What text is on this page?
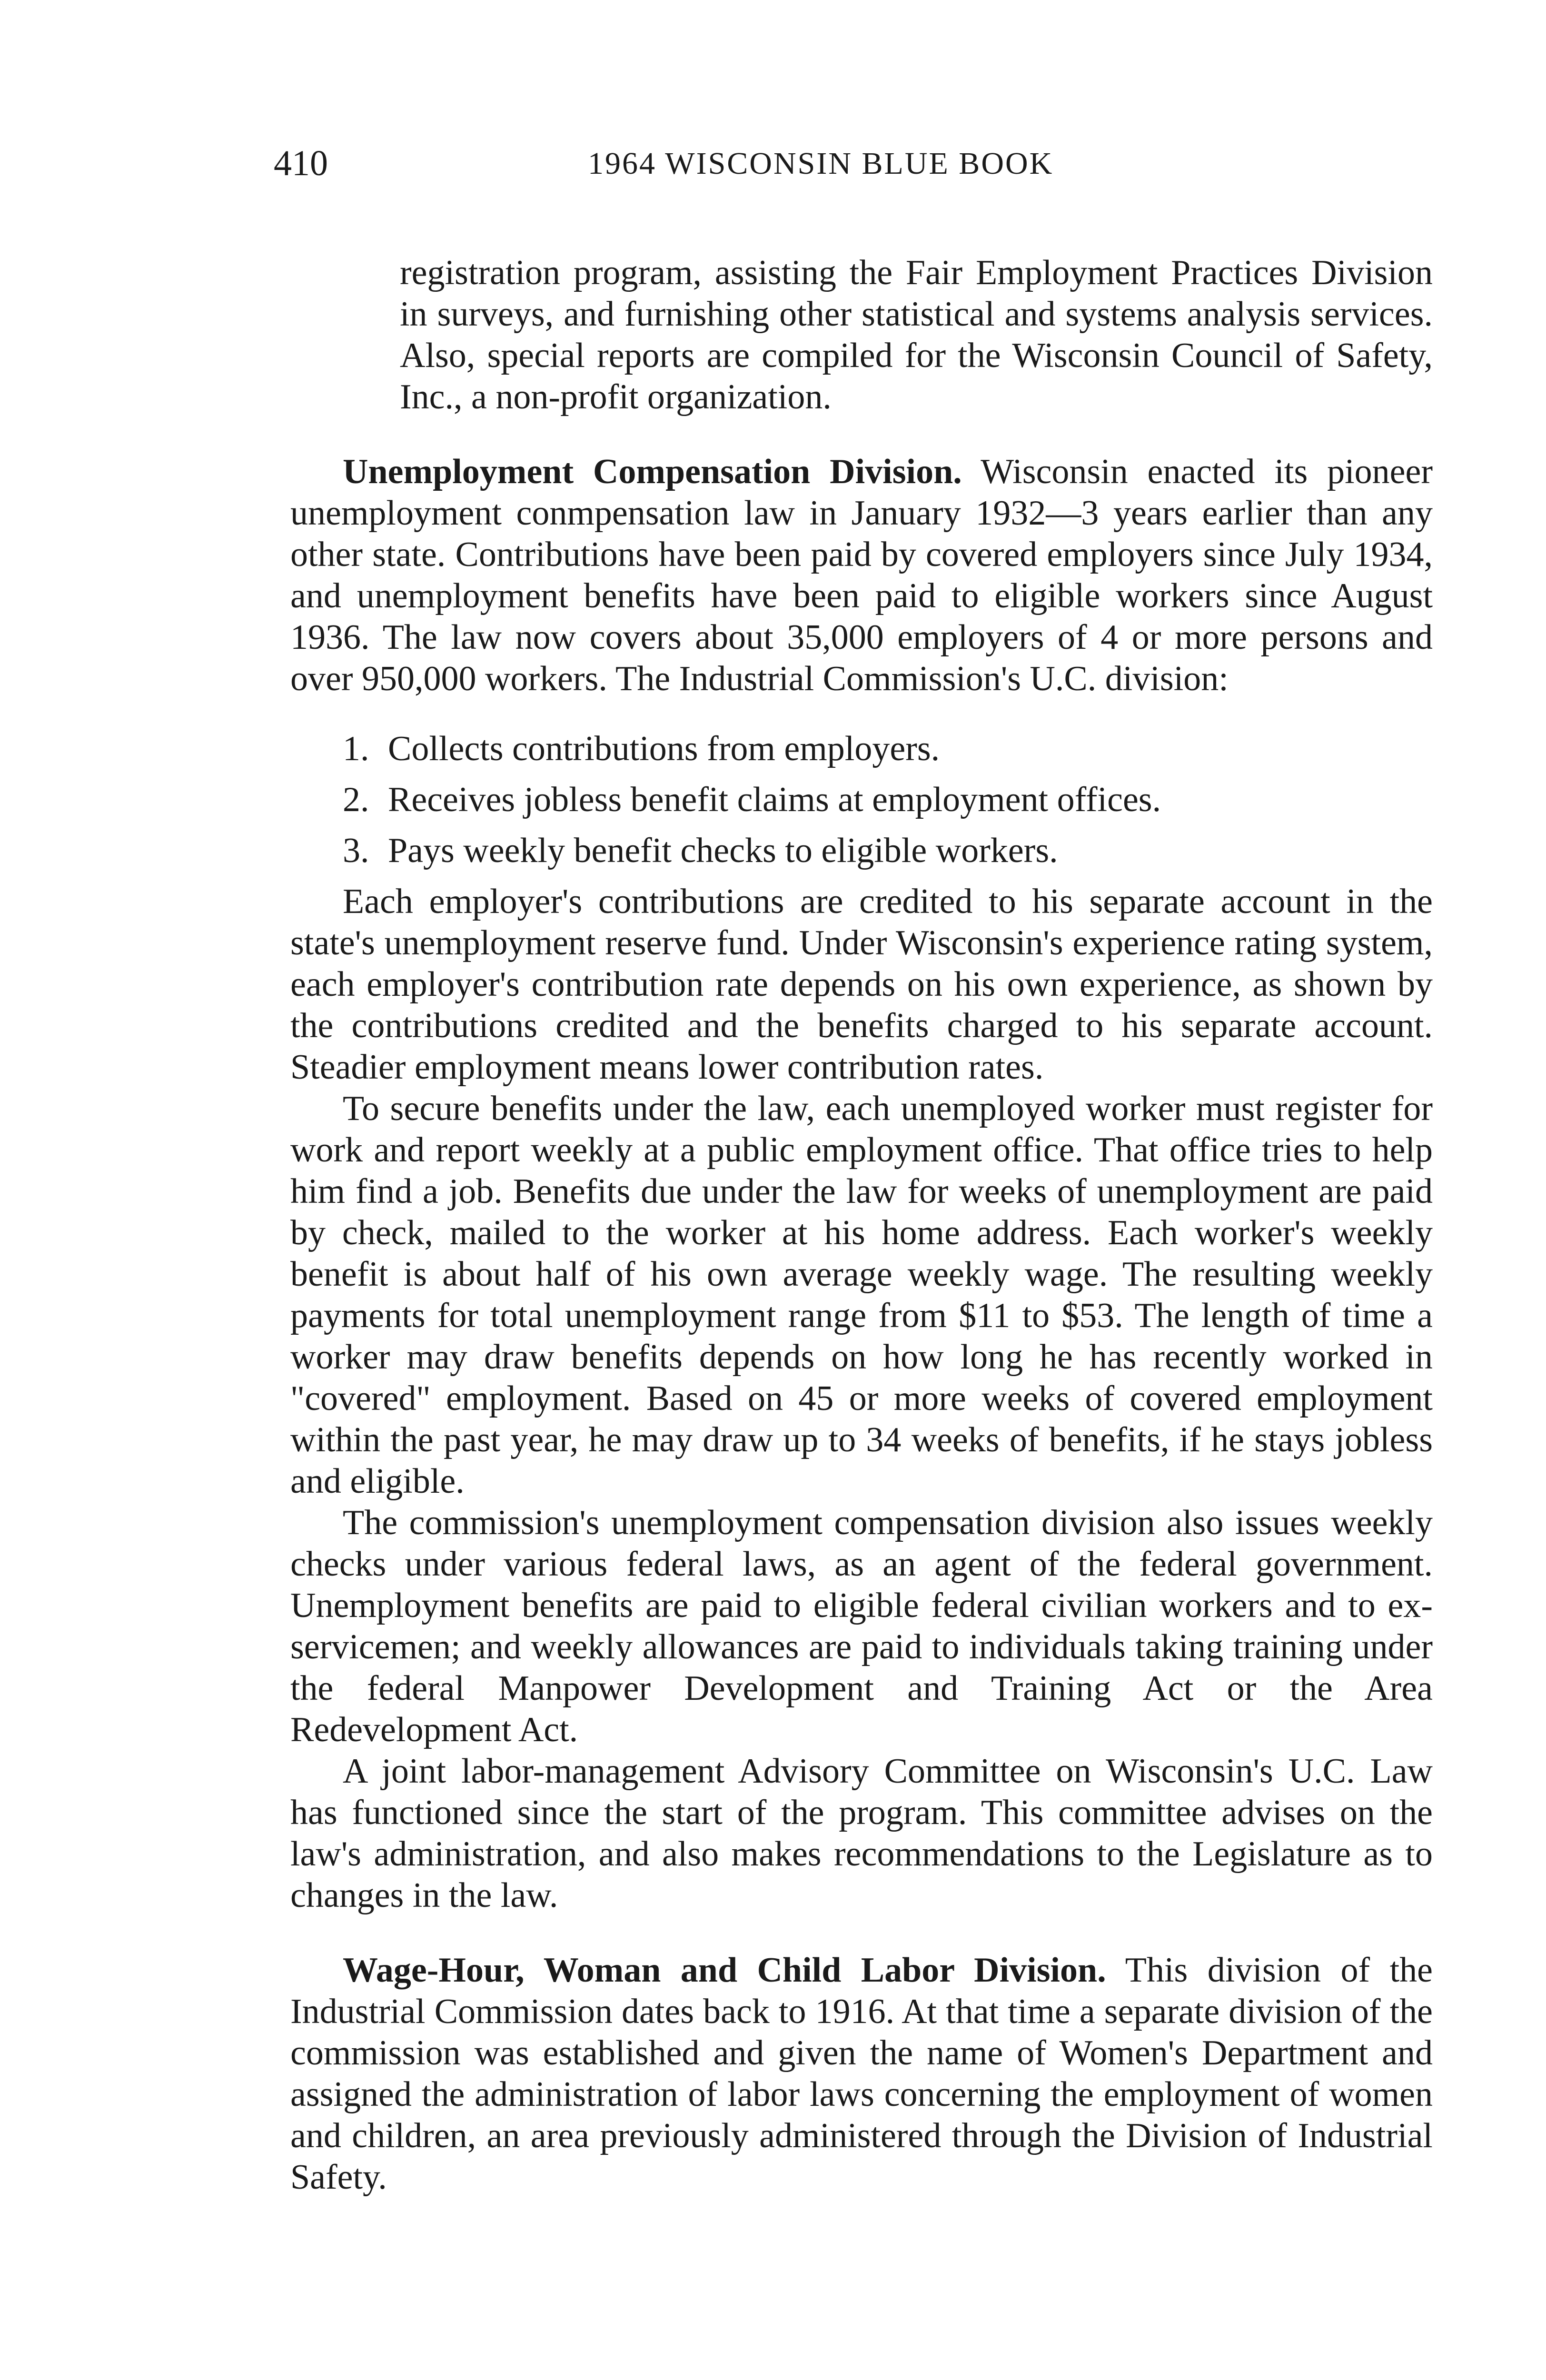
410	1964 WISCONSIN BLUE BOOK

registration program, assisting the Fair Employment Practices Division in surveys, and furnishing other statistical and systems analysis services. Also, special reports are compiled for the Wisconsin Council of Safety, Inc., a non-profit organization.

Unemployment Compensation Division. Wisconsin enacted its pioneer unemployment conmpensation law in January 1932—3 years earlier than any other state. Contributions have been paid by covered employers since July 1934, and unemployment benefits have been paid to eligible workers since August 1936. The law now covers about 35,000 employers of 4 or more persons and over 950,000 workers. The Industrial Commission's U.C. division:

1. Collects contributions from employers.
2. Receives jobless benefit claims at employment offices.
3. Pays weekly benefit checks to eligible workers.

Each employer's contributions are credited to his separate account in the state's unemployment reserve fund. Under Wisconsin's experience rating system, each employer's contribution rate depends on his own experience, as shown by the contributions credited and the benefits charged to his separate account. Steadier employment means lower contribution rates.

To secure benefits under the law, each unemployed worker must register for work and report weekly at a public employment office. That office tries to help him find a job. Benefits due under the law for weeks of unemployment are paid by check, mailed to the worker at his home address. Each worker's weekly benefit is about half of his own average weekly wage. The resulting weekly payments for total unemployment range from $11 to $53. The length of time a worker may draw benefits depends on how long he has recently worked in "covered" employment. Based on 45 or more weeks of covered employment within the past year, he may draw up to 34 weeks of benefits, if he stays jobless and eligible.

The commission's unemployment compensation division also issues weekly checks under various federal laws, as an agent of the federal government. Unemployment benefits are paid to eligible federal civilian workers and to ex-servicemen; and weekly allowances are paid to individuals taking training under the federal Manpower Development and Training Act or the Area Redevelopment Act.

A joint labor-management Advisory Committee on Wisconsin's U.C. Law has functioned since the start of the program. This committee advises on the law's administration, and also makes recommendations to the Legislature as to changes in the law.

Wage-Hour, Woman and Child Labor Division. This division of the Industrial Commission dates back to 1916. At that time a separate division of the commission was established and given the name of Women's Department and assigned the administration of labor laws concerning the employment of women and children, an area previously administered through the Division of Industrial Safety.
